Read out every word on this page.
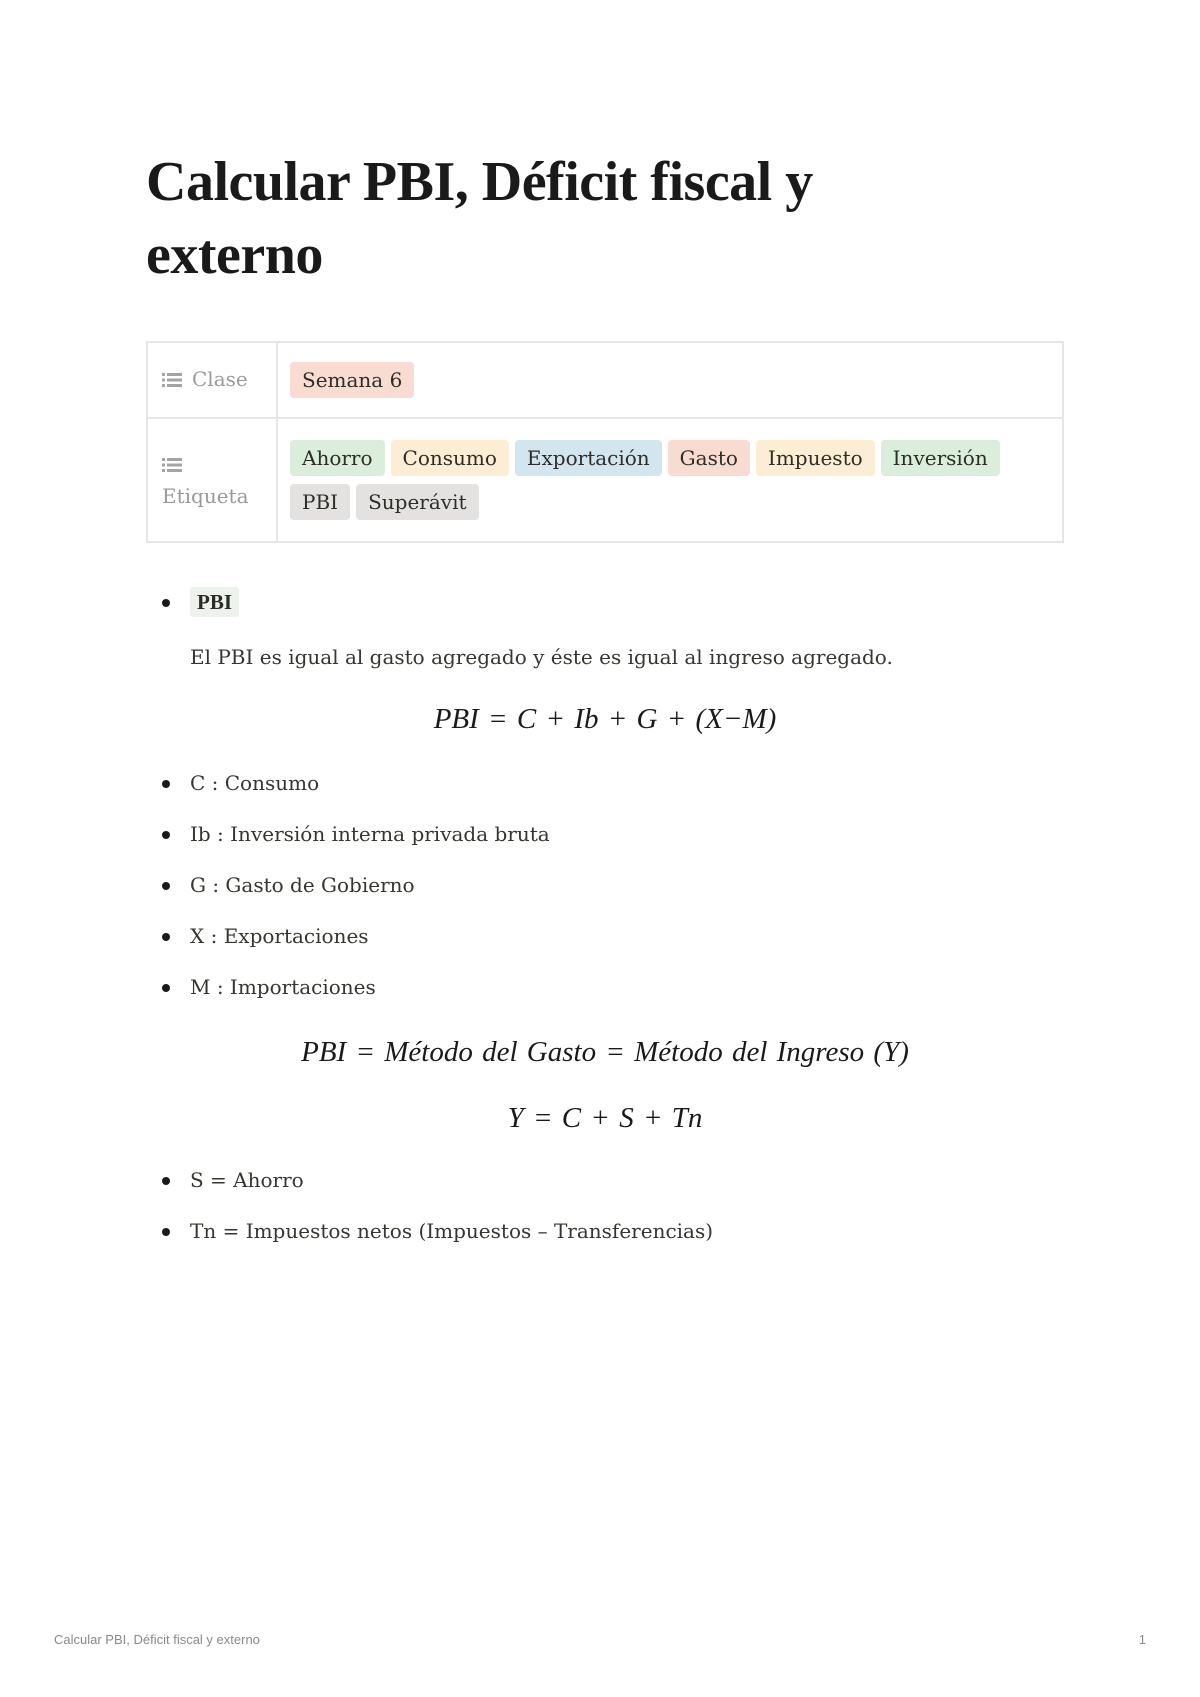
Calcular PBI, Déficit fiscal y externo
Clase	Semana 6

Etiqueta	Ahorro Consumo Exportación Gasto Impuesto InversiónPBI Superávit
PBI
El PBI es igual al gasto agregado y éste es igual al ingreso agregado.
PBI = C + Ib + G + (X−M)
C : Consumo
Ib : Inversión interna privada bruta
G : Gasto de Gobierno
X : Exportaciones
M : Importaciones
PBI = Método del Gasto = Método del Ingreso (Y)
Y = C + S + Tn
S = Ahorro
Tn = Impuestos netos (Impuestos – Transferencias)
Calcular PBI, Déficit fiscal y externo	1
